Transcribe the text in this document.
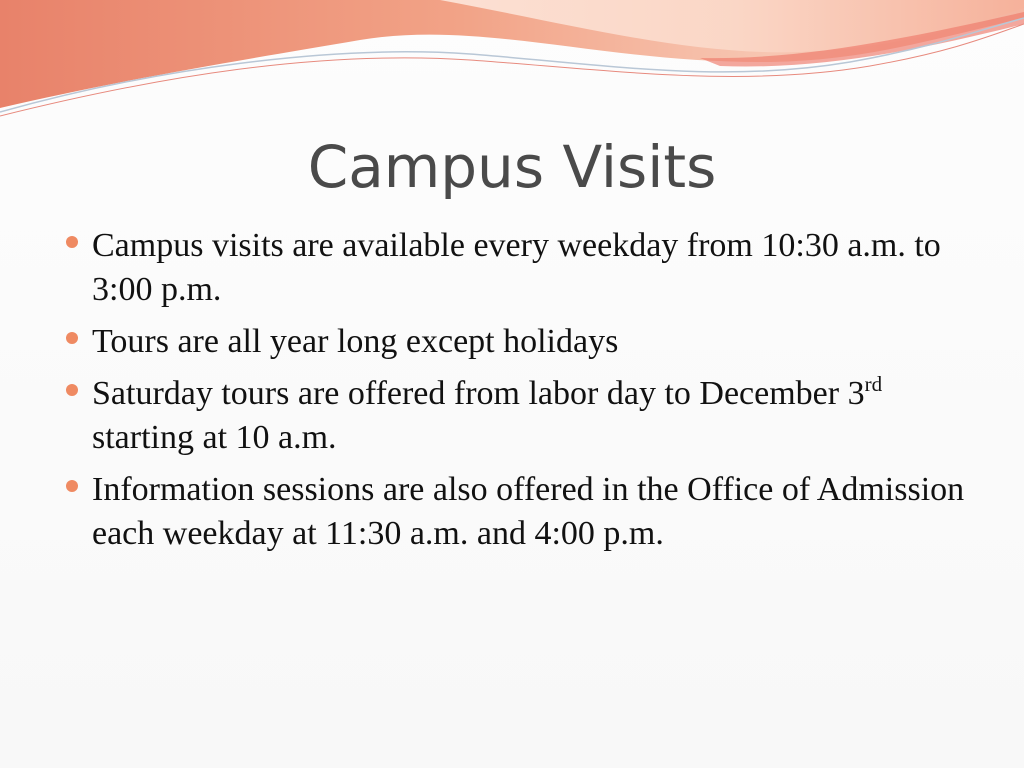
Campus Visits
Campus visits are available every weekday from 10:30 a.m. to 3:00 p.m.
Tours are all year long except holidays
Saturday tours are offered from labor day to December 3rd starting at 10 a.m.
Information sessions are also offered in the Office of Admission each weekday at 11:30 a.m. and 4:00 p.m.
